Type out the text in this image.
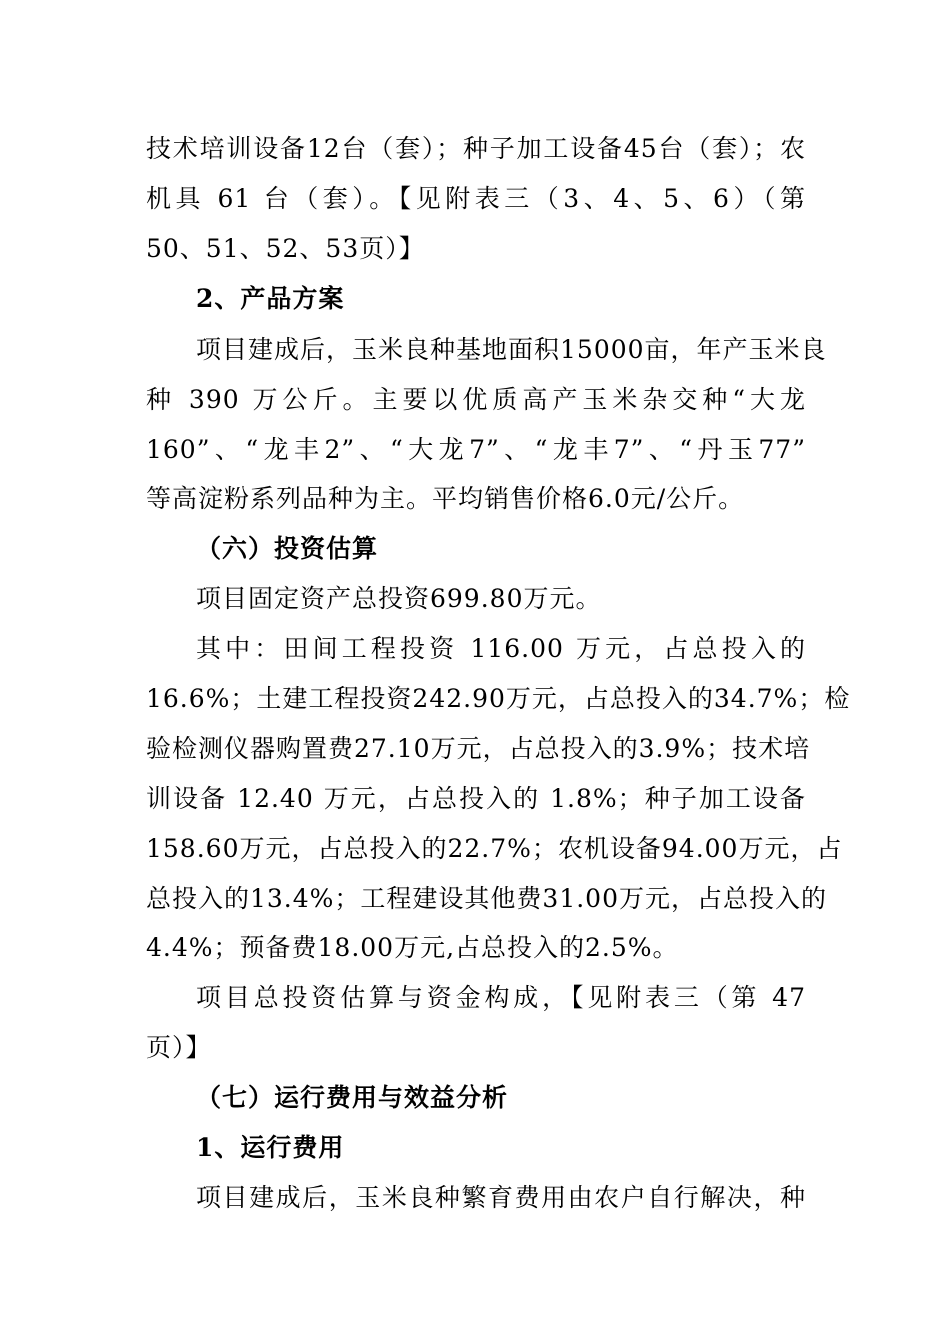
技术培训设备12台（套）；种子加工设备45台（套）；农
机具 61 台（套）。【见附表三（3、4、5、6）（第
50、51、52、53页）】
2、产品方案
项目建成后，玉米良种基地面积15000亩，年产玉米良
种 390 万公斤。主要以优质高产玉米杂交种“大龙
160”、“龙丰2”、“大龙7”、“龙丰7”、“丹玉77”
等高淀粉系列品种为主。平均销售价格6.0元/公斤。
（六）投资估算
项目固定资产总投资699.80万元。
其中：田间工程投资 116.00 万元，占总投入的
16.6%；土建工程投资242.90万元，占总投入的34.7%；检
验检测仪器购置费27.10万元，占总投入的3.9%；技术培
训设备 12.40 万元，占总投入的 1.8%；种子加工设备
158.60万元，占总投入的22.7%；农机设备94.00万元，占
总投入的13.4%；工程建设其他费31.00万元，占总投入的
4.4%；预备费18.00万元,占总投入的2.5%。
项目总投资估算与资金构成，【见附表三（第 47
页）】
（七）运行费用与效益分析
1、运行费用
项目建成后，玉米良种繁育费用由农户自行解决，种
